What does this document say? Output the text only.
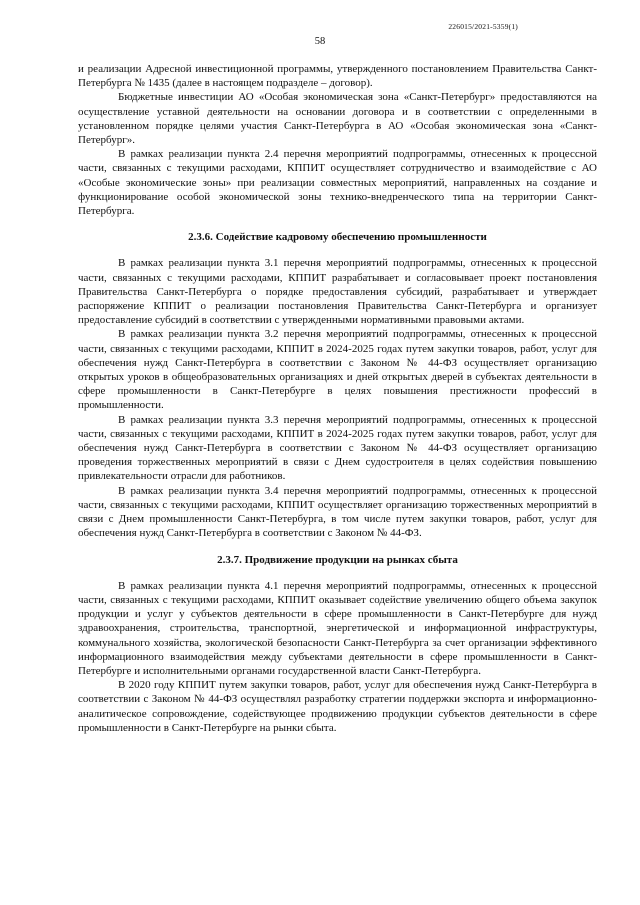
226015/2021-5359(1)
58

и реализации Адресной инвестиционной программы, утвержденного постановлением Правительства Санкт-Петербурга № 1435 (далее в настоящем подразделе – договор).

Бюджетные инвестиции АО «Особая экономическая зона «Санкт-Петербург» предоставляются на осуществление уставной деятельности на основании договора и в соответствии с определенными в установленном порядке целями участия Санкт-Петербурга в АО «Особая экономическая зона «Санкт-Петербург».

В рамках реализации пункта 2.4 перечня мероприятий подпрограммы, отнесенных к процессной части, связанных с текущими расходами, КППИТ осуществляет сотрудничество и взаимодействие с АО «Особые экономические зоны» при реализации совместных мероприятий, направленных на создание и функционирование особой экономической зоны технико-внедренческого типа на территории Санкт-Петербурга.

2.3.6. Содействие кадровому обеспечению промышленности

В рамках реализации пункта 3.1 перечня мероприятий подпрограммы, отнесенных к процессной части, связанных с текущими расходами, КППИТ разрабатывает и согласовывает проект постановления Правительства Санкт-Петербурга о порядке предоставления субсидий, разрабатывает и утверждает распоряжение КППИТ о реализации постановления Правительства Санкт-Петербурга и организует предоставление субсидий в соответствии с утвержденными нормативными правовыми актами.

В рамках реализации пункта 3.2 перечня мероприятий подпрограммы, отнесенных к процессной части, связанных с текущими расходами, КППИТ в 2024-2025 годах путем закупки товаров, работ, услуг для обеспечения нужд Санкт-Петербурга в соответствии с Законом № 44-ФЗ осуществляет организацию открытых уроков в общеобразовательных организациях и дней открытых дверей в субъектах деятельности в сфере промышленности в Санкт-Петербурге в целях повышения престижности профессий в промышленности.

В рамках реализации пункта 3.3 перечня мероприятий подпрограммы, отнесенных к процессной части, связанных с текущими расходами, КППИТ в 2024-2025 годах путем закупки товаров, работ, услуг для обеспечения нужд Санкт-Петербурга в соответствии с Законом № 44-ФЗ осуществляет организацию проведения торжественных мероприятий в связи с Днем судостроителя в целях содействия повышению привлекательности отрасли для работников.

В рамках реализации пункта 3.4 перечня мероприятий подпрограммы, отнесенных к процессной части, связанных с текущими расходами, КППИТ осуществляет организацию торжественных мероприятий в связи с Днем промышленности Санкт-Петербурга, в том числе путем закупки товаров, работ, услуг для обеспечения нужд Санкт-Петербурга в соответствии с Законом № 44-ФЗ.

2.3.7. Продвижение продукции на рынках сбыта

В рамках реализации пункта 4.1 перечня мероприятий подпрограммы, отнесенных к процессной части, связанных с текущими расходами, КППИТ оказывает содействие увеличению общего объема закупок продукции и услуг у субъектов деятельности в сфере промышленности в Санкт-Петербурге для нужд здравоохранения, строительства, транспортной, энергетической и информационной инфраструктуры, коммунального хозяйства, экологической безопасности Санкт-Петербурга за счет организации эффективного информационного взаимодействия между субъектами деятельности в сфере промышленности в Санкт-Петербурге и исполнительными органами государственной власти Санкт-Петербурга.

В 2020 году КППИТ путем закупки товаров, работ, услуг для обеспечения нужд Санкт-Петербурга в соответствии с Законом № 44-ФЗ осуществлял разработку стратегии поддержки экспорта и информационно-аналитическое сопровождение, содействующее продвижению продукции субъектов деятельности в сфере промышленности в Санкт-Петербурге на рынки сбыта.
